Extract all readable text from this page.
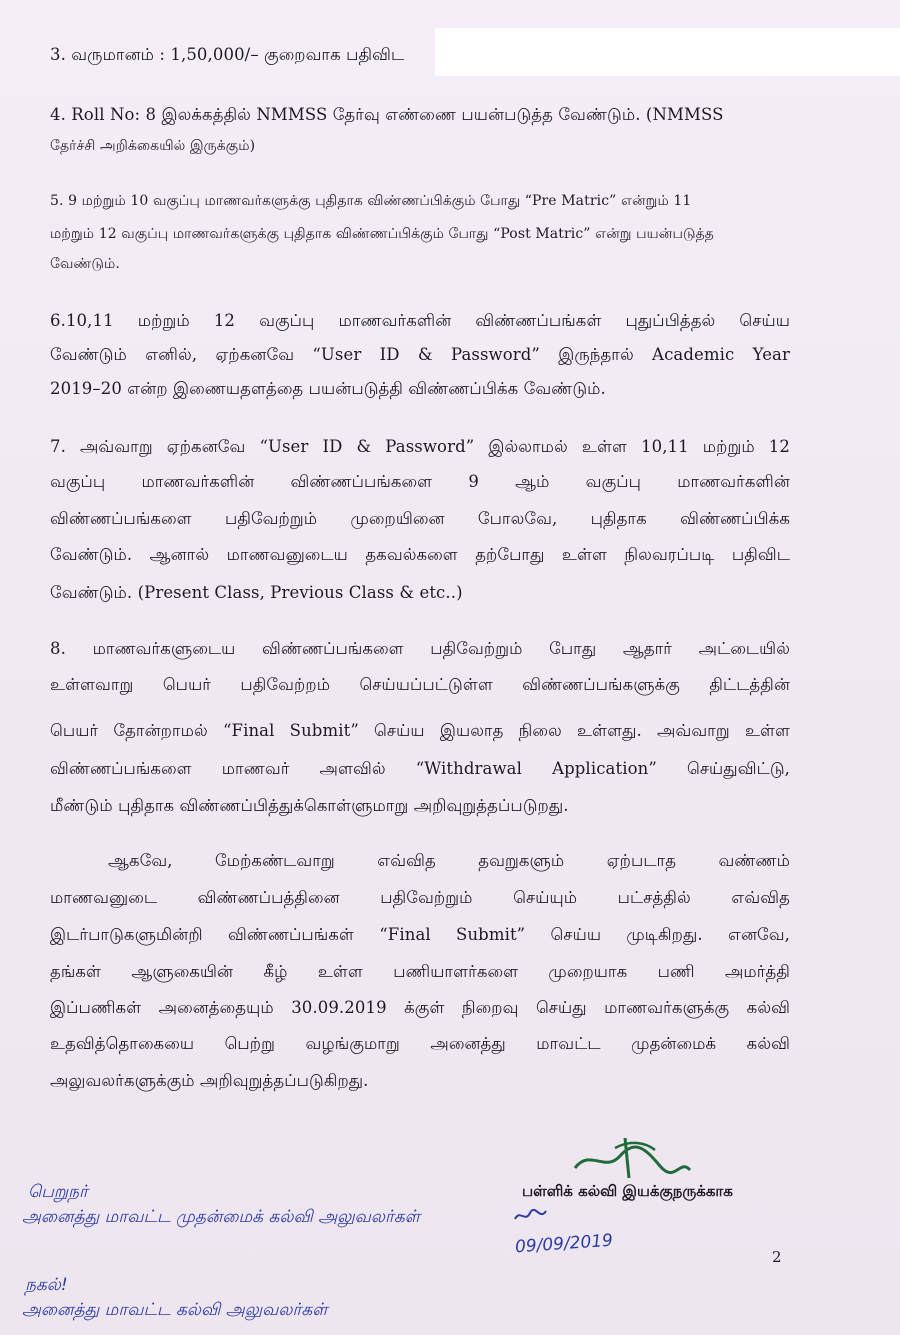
3. வருமானம் : 1,50,000/– குறைவாக பதிவிட
4. Roll No: 8 இலக்கத்தில் NMMSS தேர்வு எண்ணை பயன்படுத்த வேண்டும். (NMMSS
தேர்ச்சி அறிக்கையில் இருக்கும்)
5. 9 மற்றும் 10 வகுப்பு மாணவர்களுக்கு புதிதாக விண்ணப்பிக்கும் போது “Pre Matric” என்றும் 11
மற்றும் 12 வகுப்பு மாணவர்களுக்கு புதிதாக விண்ணப்பிக்கும் போது “Post Matric” என்று பயன்படுத்த
வேண்டும்.
6.10,11 மற்றும் 12 வகுப்பு மாணவர்களின் விண்ணப்பங்கள் புதுப்பித்தல் செய்ய
வேண்டும் எனில், ஏற்கனவே “User ID & Password” இருந்தால் Academic Year
2019–20 என்ற இணையதளத்தை பயன்படுத்தி விண்ணப்பிக்க வேண்டும்.
7. அவ்வாறு ஏற்கனவே “User ID & Password” இல்லாமல் உள்ள 10,11 மற்றும் 12
வகுப்பு மாணவர்களின் விண்ணப்பங்களை 9 ஆம் வகுப்பு மாணவர்களின்
விண்ணப்பங்களை பதிவேற்றும் முறையினை போலவே, புதிதாக விண்ணப்பிக்க
வேண்டும். ஆனால் மாணவனுடைய தகவல்களை தற்போது உள்ள நிலவரப்படி பதிவிட
வேண்டும். (Present Class, Previous Class & etc..)
8. மாணவர்களுடைய விண்ணப்பங்களை பதிவேற்றும் போது ஆதார் அட்டையில்
உள்ளவாறு பெயர் பதிவேற்றம் செய்யப்பட்டுள்ள விண்ணப்பங்களுக்கு திட்டத்தின்
பெயர் தோன்றாமல் “Final Submit” செய்ய இயலாத நிலை உள்ளது. அவ்வாறு உள்ள
விண்ணப்பங்களை மாணவர் அளவில் “Withdrawal Application” செய்துவிட்டு,
மீண்டும் புதிதாக விண்ணப்பித்துக்கொள்ளுமாறு அறிவுறுத்தப்படுறது.
ஆகவே, மேற்கண்டவாறு எவ்வித தவறுகளும் ஏற்படாத வண்ணம்
மாணவனுடை விண்ணப்பத்தினை பதிவேற்றும் செய்யும் பட்சத்தில் எவ்வித
இடர்பாடுகளுமின்றி விண்ணப்பங்கள் “Final Submit” செய்ய முடிகிறது. எனவே,
தங்கள் ஆளுகையின் கீழ் உள்ள பணியாளர்களை முறையாக பணி அமர்த்தி
இப்பணிகள் அனைத்தையும் 30.09.2019 க்குள் நிறைவு செய்து மாணவர்களுக்கு கல்வி
உதவித்தொகையை பெற்று வழங்குமாறு அனைத்து மாவட்ட முதன்மைக் கல்வி
அலுவலர்களுக்கும் அறிவுறுத்தப்படுகிறது.
பள்ளிக் கல்வி இயக்குநருக்காக
பெறுநர்
அனைத்து மாவட்ட முதன்மைக் கல்வி அலுவலர்கள்
09/09/2019
நகல்!
அனைத்து மாவட்ட கல்வி அலுவலர்கள்
2
